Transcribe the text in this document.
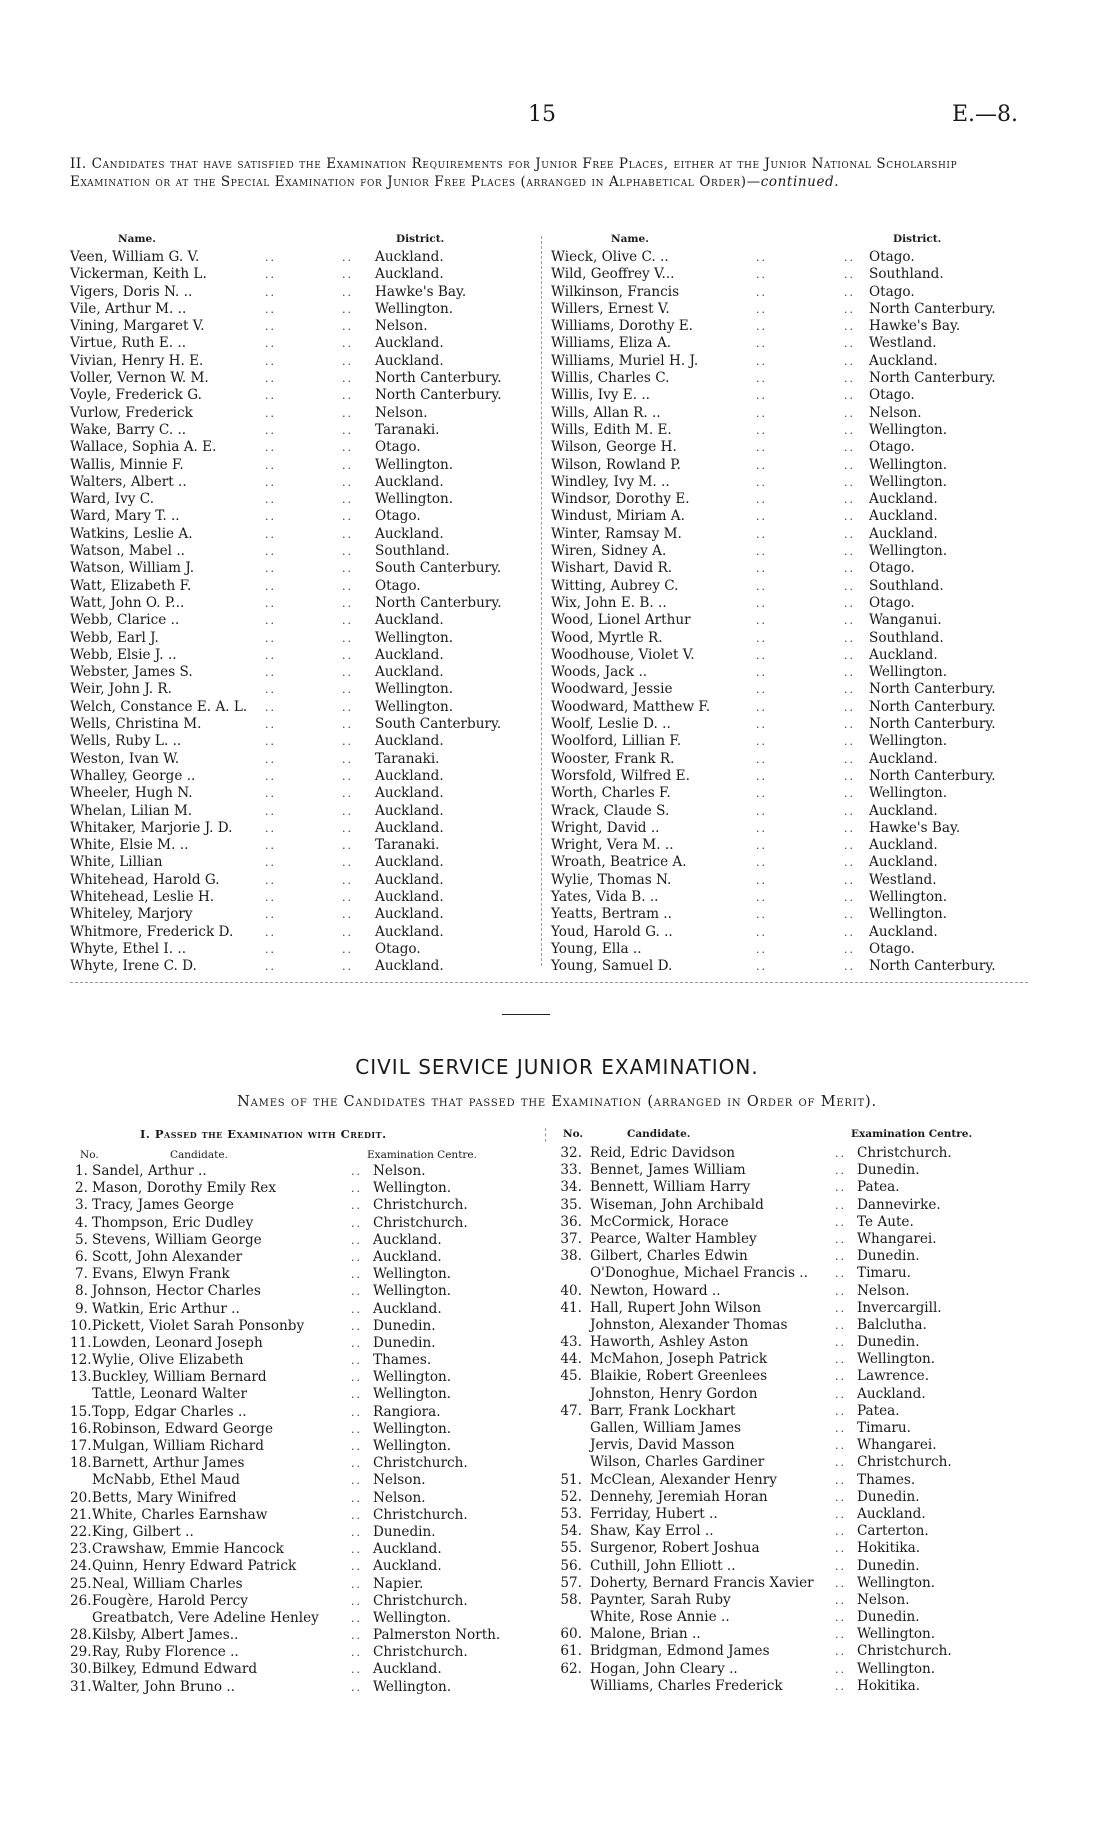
15	E.—8.
II. Candidates that have satisfied the Examination Requirements for Junior Free Places, either at the Junior National Scholarship Examination or at the Special Examination for Junior Free Places (arranged in Alphabetical Order)—continued.
Name.	District.
Veen, William G. V.	..	.. Auckland.
Vickerman, Keith L.	..	.. Auckland.
Vigers, Doris N. ..	..	.. Hawke's Bay.
Vile, Arthur M. ..	..	.. Wellington.
Vining, Margaret V.	..	.. Nelson.
Virtue, Ruth E. ..	..	.. Auckland.
Vivian, Henry H. E.	..	.. Auckland.
Voller, Vernon W. M.	..	.. North Canterbury.
Voyle, Frederick G.	..	.. North Canterbury.
Vurlow, Frederick	..	.. Nelson.
Wake, Barry C. ..	..	.. Taranaki.
Wallace, Sophia A. E.	..	.. Otago.
Wallis, Minnie F.	..	.. Wellington.
Walters, Albert ..	..	.. Auckland.
Ward, Ivy C.	..	.. Wellington.
Ward, Mary T. ..	..	.. Otago.
Watkins, Leslie A.	..	.. Auckland.
Watson, Mabel ..	..	.. Southland.
Watson, William J.	..	.. South Canterbury.
Watt, Elizabeth F.	..	.. Otago.
Watt, John O. P...	..	.. North Canterbury.
Webb, Clarice ..	..	.. Auckland.
Webb, Earl J.	..	.. Wellington.
Webb, Elsie J. ..	..	.. Auckland.
Webster, James S.	..	.. Auckland.
Weir, John J. R.	..	.. Wellington.
Welch, Constance E. A. L. ..	.. Wellington.
Wells, Christina M.	..	.. South Canterbury.
Wells, Ruby L. ..	..	.. Auckland.
Weston, Ivan W.	..	.. Taranaki.
Whalley, George ..	..	.. Auckland.
Wheeler, Hugh N.	..	.. Auckland.
Whelan, Lilian M.	..	.. Auckland.
Whitaker, Marjorie J. D.	..	.. Auckland.
White, Elsie M. ..	..	.. Taranaki.
White, Lillian	..	.. Auckland.
Whitehead, Harold G.	..	.. Auckland.
Whitehead, Leslie H.	..	.. Auckland.
Whiteley, Marjory	..	.. Auckland.
Whitmore, Frederick D.	..	.. Auckland.
Whyte, Ethel I. ..	..	.. Otago.
Whyte, Irene C. D.	..	.. Auckland.
Name.	District.
Wieck, Olive C. ..	..	.. Otago.
Wild, Geoffrey V...	..	.. Southland.
Wilkinson, Francis	..	.. Otago.
Willers, Ernest V.	..	.. North Canterbury.
Williams, Dorothy E.	..	.. Hawke's Bay.
Williams, Eliza A.	..	.. Westland.
Williams, Muriel H. J.	..	.. Auckland.
Willis, Charles C.	..	.. North Canterbury.
Willis, Ivy E. ..	..	.. Otago.
Wills, Allan R. ..	..	.. Nelson.
Wills, Edith M. E.	..	.. Wellington.
Wilson, George H.	..	.. Otago.
Wilson, Rowland P.	..	.. Wellington.
Windley, Ivy M. ..	..	.. Wellington.
Windsor, Dorothy E.	..	.. Auckland.
Windust, Miriam A.	..	.. Auckland.
Winter, Ramsay M.	..	.. Auckland.
Wiren, Sidney A.	..	.. Wellington.
Wishart, David R.	..	.. Otago.
Witting, Aubrey C.	..	.. Southland.
Wix, John E. B. ..	..	.. Otago.
Wood, Lionel Arthur	..	.. Wanganui.
Wood, Myrtle R.	..	.. Southland.
Woodhouse, Violet V.	..	.. Auckland.
Woods, Jack ..	..	.. Wellington.
Woodward, Jessie	..	.. North Canterbury.
Woodward, Matthew F.	..	.. North Canterbury.
Woolf, Leslie D. ..	..	.. North Canterbury.
Woolford, Lillian F.	..	.. Wellington.
Wooster, Frank R.	..	.. Auckland.
Worsfold, Wilfred E.	..	.. North Canterbury.
Worth, Charles F.	..	.. Wellington.
Wrack, Claude S.	..	.. Auckland.
Wright, David ..	..	.. Hawke's Bay.
Wright, Vera M. ..	..	.. Auckland.
Wroath, Beatrice A.	..	.. Auckland.
Wylie, Thomas N.	..	.. Westland.
Yates, Vida B. ..	..	.. Wellington.
Yeatts, Bertram ..	..	.. Wellington.
Youd, Harold G. ..	..	.. Auckland.
Young, Ella ..	..	.. Otago.
Young, Samuel D.	..	.. North Canterbury.
CIVIL SERVICE JUNIOR EXAMINATION.
Names of the Candidates that passed the Examination (arranged in Order of Merit).
I. Passed the Examination with Credit.
No.	Candidate.	Examination Centre.
1. Sandel, Arthur ..	.. Nelson.
2. Mason, Dorothy Emily Rex	.. Wellington.
3. Tracy, James George	.. Christchurch.
4. Thompson, Eric Dudley	.. Christchurch.
5. Stevens, William George	.. Auckland.
6. Scott, John Alexander	.. Auckland.
7. Evans, Elwyn Frank	.. Wellington.
8. Johnson, Hector Charles	.. Wellington.
9. Watkin, Eric Arthur ..	.. Auckland.
10. Pickett, Violet Sarah Ponsonby	.. Dunedin.
11. Lowden, Leonard Joseph	.. Dunedin.
12. Wylie, Olive Elizabeth	.. Thames.
13. Buckley, William Bernard	.. Wellington.
Tattle, Leonard Walter	.. Wellington.
15. Topp, Edgar Charles ..	.. Rangiora.
16. Robinson, Edward George	.. Wellington.
17. Mulgan, William Richard	.. Wellington.
18. Barnett, Arthur James	.. Christchurch.
McNabb, Ethel Maud	.. Nelson.
20. Betts, Mary Winifred	.. Nelson.
21. White, Charles Earnshaw	.. Christchurch.
22. King, Gilbert ..	.. Dunedin.
23. Crawshaw, Emmie Hancock	.. Auckland.
24. Quinn, Henry Edward Patrick	.. Auckland.
25. Neal, William Charles	.. Napier.
26. Fougère, Harold Percy	.. Christchurch.
Greatbatch, Vere Adeline Henley	.. Wellington.
28. Kilsby, Albert James..	.. Palmerston North.
29. Ray, Ruby Florence ..	.. Christchurch.
30. Bilkey, Edmund Edward	.. Auckland.
31. Walter, John Bruno ..	.. Wellington.
No.	Candidate.	Examination Centre.
32. Reid, Edric Davidson	.. Christchurch.
33. Bennet, James William	.. Dunedin.
34. Bennett, William Harry	.. Patea.
35. Wiseman, John Archibald	.. Dannevirke.
36. McCormick, Horace	.. Te Aute.
37. Pearce, Walter Hambley	.. Whangarei.
38. Gilbert, Charles Edwin	.. Dunedin.
O'Donoghue, Michael Francis .. .. Timaru.
40. Newton, Howard ..	.. Nelson.
41. Hall, Rupert John Wilson	.. Invercargill.
Johnston, Alexander Thomas	.. Balclutha.
43. Haworth, Ashley Aston	.. Dunedin.
44. McMahon, Joseph Patrick	.. Wellington.
45. Blaikie, Robert Greenlees	.. Lawrence.
Johnston, Henry Gordon	.. Auckland.
47. Barr, Frank Lockhart	.. Patea.
Gallen, William James	.. Timaru.
Jervis, David Masson	.. Whangarei.
Wilson, Charles Gardiner	.. Christchurch.
51. McClean, Alexander Henry	.. Thames.
52. Dennehy, Jeremiah Horan	.. Dunedin.
53. Ferriday, Hubert ..	.. Auckland.
54. Shaw, Kay Errol ..	.. Carterton.
55. Surgenor, Robert Joshua	.. Hokitika.
56. Cuthill, John Elliott ..	.. Dunedin.
57. Doherty, Bernard Francis Xavier .. Wellington.
58. Paynter, Sarah Ruby	.. Nelson.
White, Rose Annie ..	.. Dunedin.
60. Malone, Brian ..	.. Wellington.
61. Bridgman, Edmond James	.. Christchurch.
62. Hogan, John Cleary ..	.. Wellington.
Williams, Charles Frederick	.. Hokitika.
